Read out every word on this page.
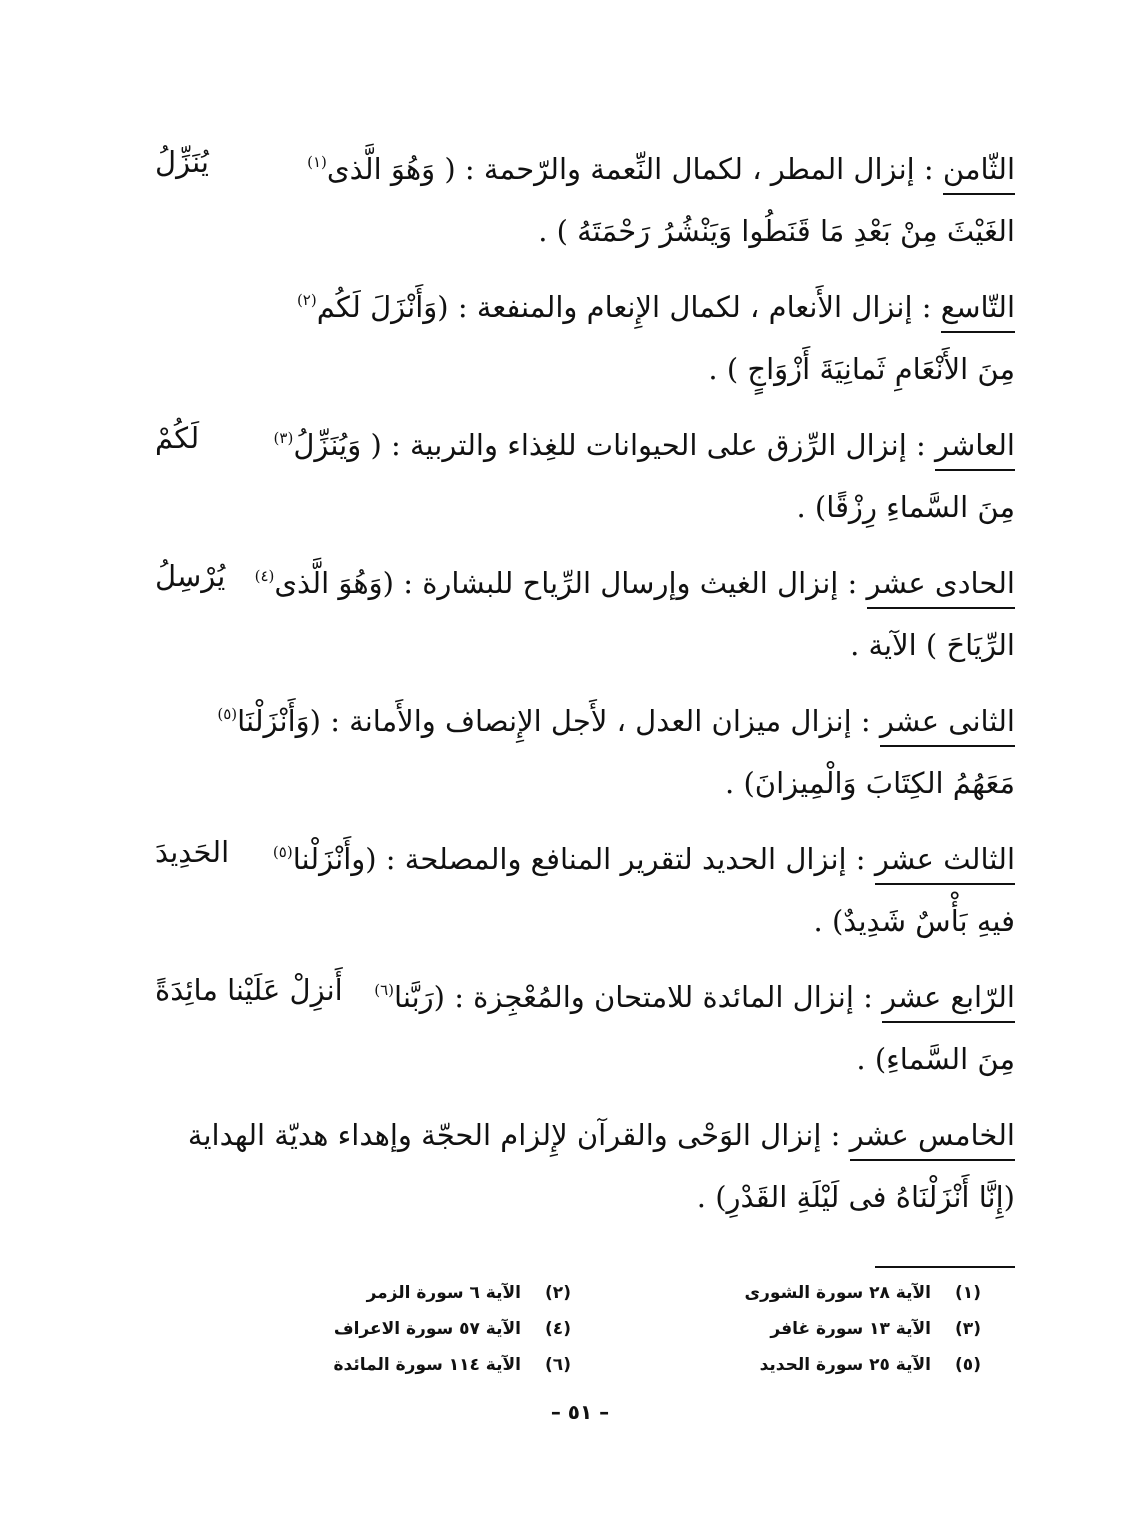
الثّامن : إنزال المطر ، لكمال النِّعمة والرّحمة : ( وَهُوَ الَّذى$^{(١)}$
يُنَزِّلُ
الغَيْثَ مِنْ بَعْدِ مَا قَنَطُوا وَيَنْشُرُ رَحْمَتَهُ ) .
التّاسع : إنزال الأَنعام ، لكمال الإِنعام والمنفعة : (وَأَنْزَلَ لَكُم$^{(٢)}$
مِنَ الأَنْعَامِ ثَمانِيَةَ أَزْوَاجٍ ) .
العاشر : إنزال الرِّزق على الحيوانات للغِذاء والتربية : ( وَيُنَزِّلُ$^{(٣)}$
لَكُمْ
مِنَ السَّماءِ رِزْقًا) .
الحادى عشر : إنزال الغيث وإرسال الرِّياح للبشارة : (وَهُوَ الَّذى$^{(٤)}$
يُرْسِلُ
الرِّيَاحَ ) الآية .
الثانى عشر : إنزال ميزان العدل ، لأَجل الإِنصاف والأَمانة : (وَأَنْزَلْنَا$^{(٥)}$
مَعَهُمُ الكِتَابَ وَالْمِيزانَ) .
الثالث عشر : إنزال الحديد لتقرير المنافع والمصلحة : (وأَنْزَلْنا$^{(٥)}$
الحَدِيدَ
فيهِ بَأْسٌ شَدِيدٌ) .
الرّابع عشر : إنزال المائدة للامتحان والمُعْجِزة : (رَبَّنا$^{(٦)}$
أَنزِلْ عَلَيْنا مائِدَةً
مِنَ السَّماءِ) .
الخامس عشر : إنزال الوَحْى والقرآن لإِلزام الحجّة وإهداء هديّة الهداية
(إِنَّا أَنْزَلْنَاهُ فى لَيْلَةِ القَدْرِ) .
(١)
الآية ٢٨ سورة الشورى
(٢)
الآية ٦ سورة الزمر
(٣)
الآية ١٣ سورة غافر
(٤)
الآية ٥٧ سورة الاعراف
(٥)
الآية ٢٥ سورة الحديد
(٦)
الآية ١١٤ سورة المائدة
– ٥١ –
